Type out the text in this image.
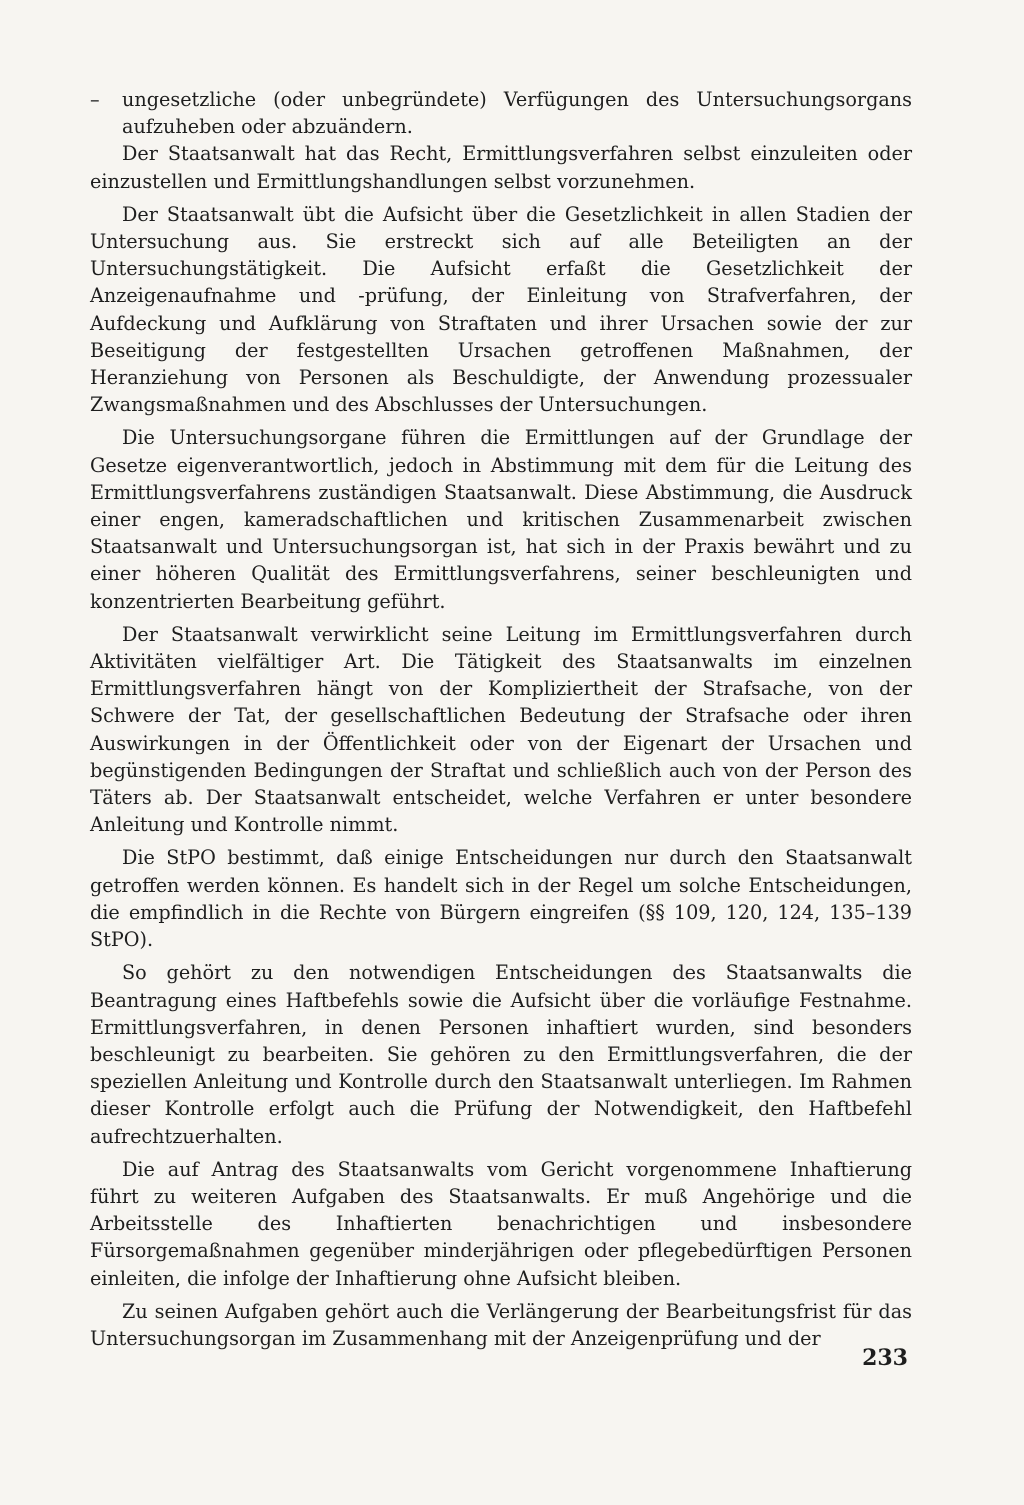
–	ungesetzliche (oder unbegründete) Verfügungen des Untersuchungsorgans aufzuheben oder abzuändern.

Der Staatsanwalt hat das Recht, Ermittlungsverfahren selbst einzuleiten oder einzustellen und Ermittlungshandlungen selbst vorzunehmen.

Der Staatsanwalt übt die Aufsicht über die Gesetzlichkeit in allen Stadien der Untersuchung aus. Sie erstreckt sich auf alle Beteiligten an der Untersuchungstätigkeit. Die Aufsicht erfaßt die Gesetzlichkeit der Anzeigenaufnahme und -prüfung, der Einleitung von Strafverfahren, der Aufdeckung und Aufklärung von Straftaten und ihrer Ursachen sowie der zur Beseitigung der festgestellten Ursachen getroffenen Maßnahmen, der Heranziehung von Personen als Beschuldigte, der Anwendung prozessualer Zwangsmaßnahmen und des Abschlusses der Untersuchungen.

Die Untersuchungsorgane führen die Ermittlungen auf der Grundlage der Gesetze eigenverantwortlich, jedoch in Abstimmung mit dem für die Leitung des Ermittlungsverfahrens zuständigen Staatsanwalt. Diese Abstimmung, die Ausdruck einer engen, kameradschaftlichen und kritischen Zusammenarbeit zwischen Staatsanwalt und Untersuchungsorgan ist, hat sich in der Praxis bewährt und zu einer höheren Qualität des Ermittlungsverfahrens, seiner beschleunigten und konzentrierten Bearbeitung geführt.

Der Staatsanwalt verwirklicht seine Leitung im Ermittlungsverfahren durch Aktivitäten vielfältiger Art. Die Tätigkeit des Staatsanwalts im einzelnen Ermittlungsverfahren hängt von der Kompliziertheit der Strafsache, von der Schwere der Tat, der gesellschaftlichen Bedeutung der Strafsache oder ihren Auswirkungen in der Öffentlichkeit oder von der Eigenart der Ursachen und begünstigenden Bedingungen der Straftat und schließlich auch von der Person des Täters ab. Der Staatsanwalt entscheidet, welche Verfahren er unter besondere Anleitung und Kontrolle nimmt.

Die StPO bestimmt, daß einige Entscheidungen nur durch den Staatsanwalt getroffen werden können. Es handelt sich in der Regel um solche Entscheidungen, die empfindlich in die Rechte von Bürgern eingreifen (§§ 109, 120, 124, 135–139 StPO).

So gehört zu den notwendigen Entscheidungen des Staatsanwalts die Beantragung eines Haftbefehls sowie die Aufsicht über die vorläufige Festnahme. Ermittlungsverfahren, in denen Personen inhaftiert wurden, sind besonders beschleunigt zu bearbeiten. Sie gehören zu den Ermittlungsverfahren, die der speziellen Anleitung und Kontrolle durch den Staatsanwalt unterliegen. Im Rahmen dieser Kontrolle erfolgt auch die Prüfung der Notwendigkeit, den Haftbefehl aufrechtzuerhalten.

Die auf Antrag des Staatsanwalts vom Gericht vorgenommene Inhaftierung führt zu weiteren Aufgaben des Staatsanwalts. Er muß Angehörige und die Arbeitsstelle des Inhaftierten benachrichtigen und insbesondere Fürsorgemaßnahmen gegenüber minderjährigen oder pflegebedürftigen Personen einleiten, die infolge der Inhaftierung ohne Aufsicht bleiben.

Zu seinen Aufgaben gehört auch die Verlängerung der Bearbeitungsfrist für das Untersuchungsorgan im Zusammenhang mit der Anzeigenprüfung und der

233
